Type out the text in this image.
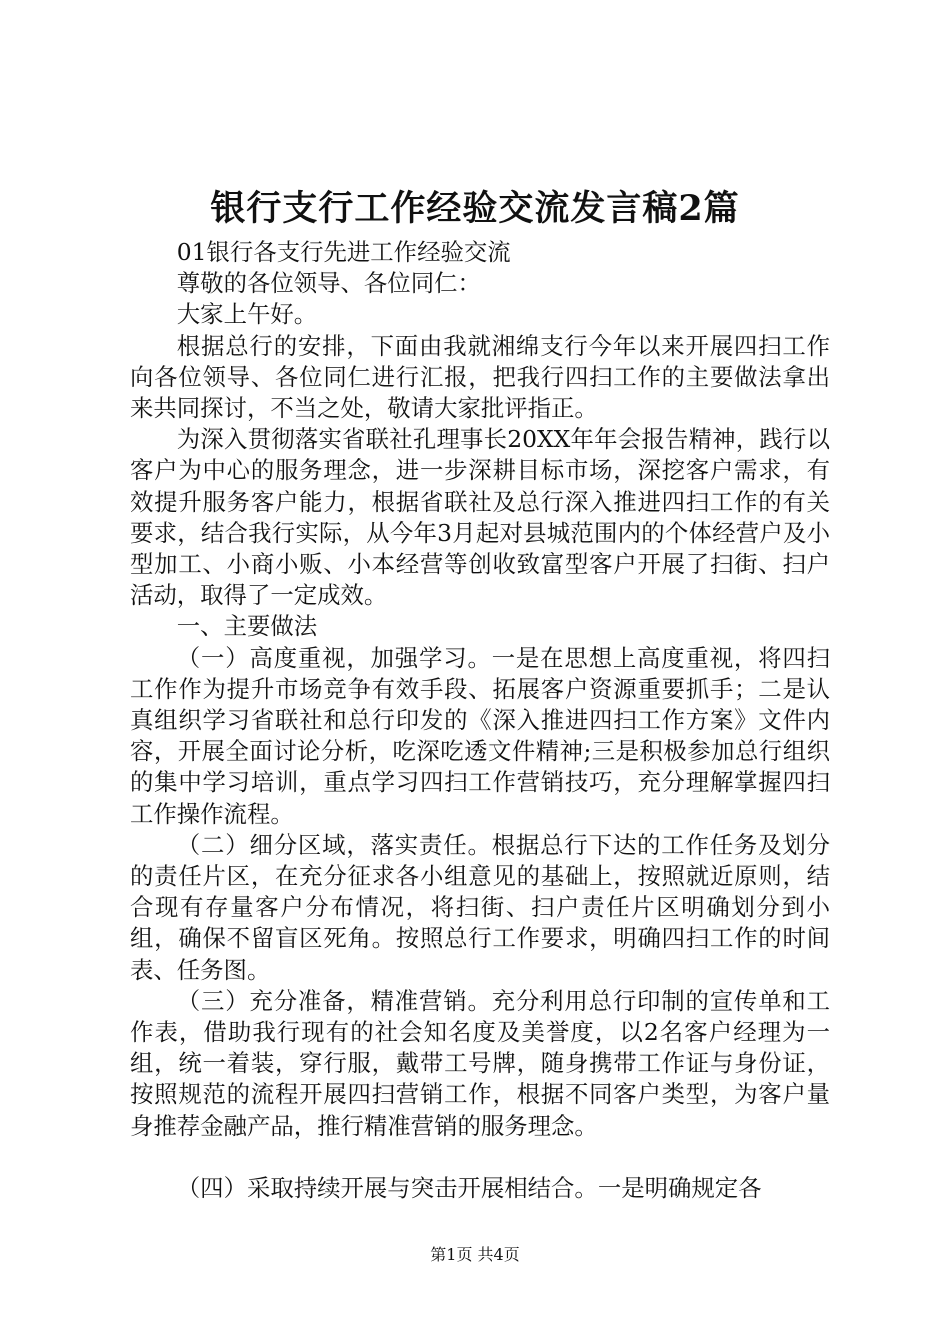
银行支行工作经验交流发言稿2篇

01银行各支行先进工作经验交流

尊敬的各位领导、各位同仁：

大家上午好。

根据总行的安排，下面由我就湘绵支行今年以来开展四扫工作向各位领导、各位同仁进行汇报，把我行四扫工作的主要做法拿出来共同探讨，不当之处，敬请大家批评指正。

为深入贯彻落实省联社孔理事长20XX年年会报告精神，践行以客户为中心的服务理念，进一步深耕目标市场，深挖客户需求，有效提升服务客户能力，根据省联社及总行深入推进四扫工作的有关要求，结合我行实际，从今年3月起对县城范围内的个体经营户及小型加工、小商小贩、小本经营等创收致富型客户开展了扫街、扫户活动，取得了一定成效。

一、主要做法

（一）高度重视，加强学习。一是在思想上高度重视，将四扫工作作为提升市场竞争有效手段、拓展客户资源重要抓手；二是认真组织学习省联社和总行印发的《深入推进四扫工作方案》文件内容，开展全面讨论分析，吃深吃透文件精神;三是积极参加总行组织的集中学习培训，重点学习四扫工作营销技巧，充分理解掌握四扫工作操作流程。

（二）细分区域，落实责任。根据总行下达的工作任务及划分的责任片区，在充分征求各小组意见的基础上，按照就近原则，结合现有存量客户分布情况，将扫街、扫户责任片区明确划分到小组，确保不留盲区死角。按照总行工作要求，明确四扫工作的时间表、任务图。

（三）充分准备，精准营销。充分利用总行印制的宣传单和工作表，借助我行现有的社会知名度及美誉度，以2名客户经理为一组，统一着装，穿行服，戴带工号牌，随身携带工作证与身份证，按照规范的流程开展四扫营销工作，根据不同客户类型，为客户量身推荐金融产品，推行精准营销的服务理念。

（四）采取持续开展与突击开展相结合。一是明确规定各

第1页 共4页
